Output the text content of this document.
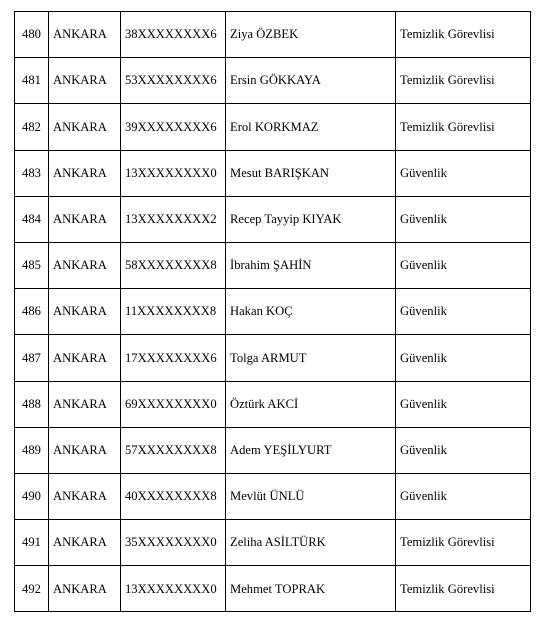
480	ANKARA	38XXXXXXXX6	Ziya ÖZBEK	Temizlik Görevlisi
481	ANKARA	53XXXXXXXX6	Ersin GÖKKAYA	Temizlik Görevlisi
482	ANKARA	39XXXXXXXX6	Erol KORKMAZ	Temizlik Görevlisi
483	ANKARA	13XXXXXXXX0	Mesut BARIŞKAN	Güvenlik
484	ANKARA	13XXXXXXXX2	Recep Tayyip KIYAK	Güvenlik
485	ANKARA	58XXXXXXXX8	İbrahim ŞAHİN	Güvenlik
486	ANKARA	11XXXXXXXX8	Hakan KOÇ	Güvenlik
487	ANKARA	17XXXXXXXX6	Tolga ARMUT	Güvenlik
488	ANKARA	69XXXXXXXX0	Öztürk AKCİ	Güvenlik
489	ANKARA	57XXXXXXXX8	Adem YEŞİLYURT	Güvenlik
490	ANKARA	40XXXXXXXX8	Mevlüt ÜNLÜ	Güvenlik
491	ANKARA	35XXXXXXXX0	Zeliha ASİLTÜRK	Temizlik Görevlisi
492	ANKARA	13XXXXXXXX0	Mehmet TOPRAK	Temizlik Görevlisi
